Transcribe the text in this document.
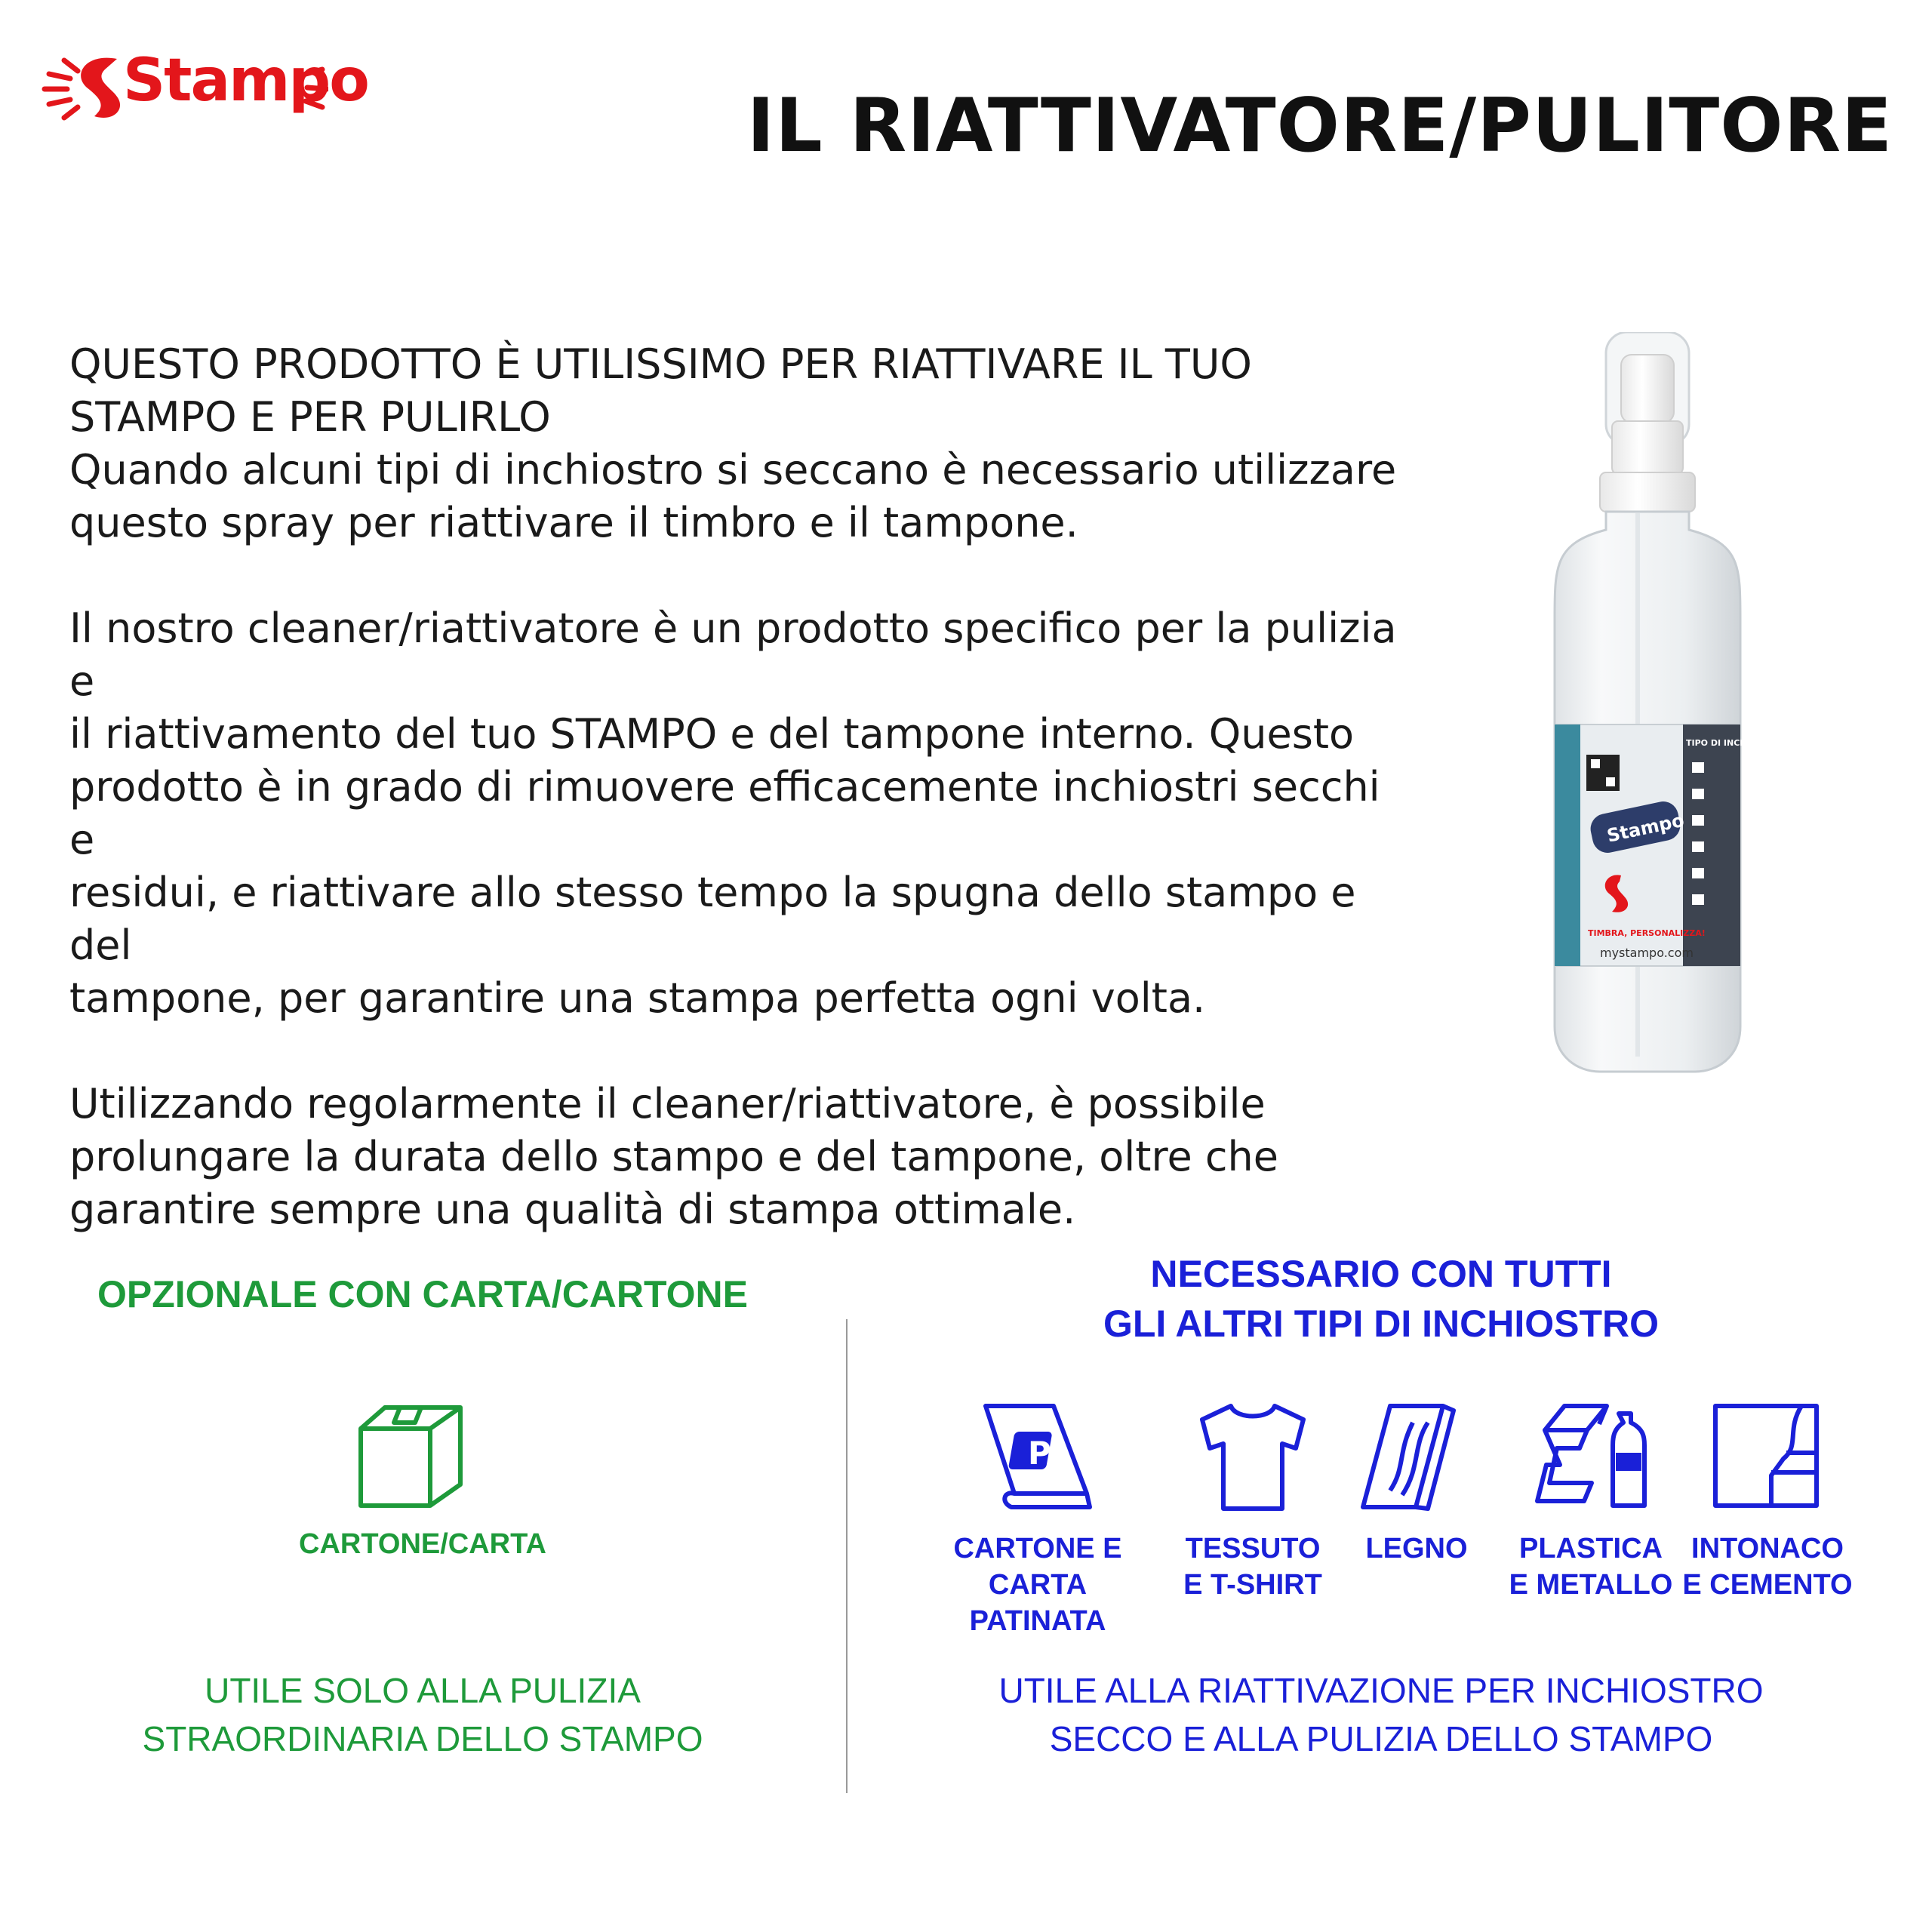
Stampo
IL RIATTIVATORE/PULITORE

QUESTO PRODOTTO È UTILISSIMO PER RIATTIVARE IL TUO

STAMPO E PER PULIRLO

Quando alcuni tipi di inchiostro si seccano è necessario utilizzare

questo spray per riattivare il timbro e il tampone.

Il nostro cleaner/riattivatore è un prodotto specifico per la pulizia e

il riattivamento del tuo STAMPO e del tampone interno. Questo

prodotto è in grado di rimuovere efficacemente inchiostri secchi e

residui, e riattivare allo stesso tempo la spugna dello stampo e del

tampone, per garantire una stampa perfetta ogni volta.

Utilizzando regolarmente il cleaner/riattivatore, è possibile

prolungare la durata dello stampo e del tampone, oltre che

garantire sempre una qualità di stampa ottimale.

TIPO DI INCH
Stampo
TIMBRA, PERSONALIZZA!
mystampo.com
OPZIONALE CON CARTA/CARTONE
CARTONE/CARTA
UTILE SOLO ALLA PULIZIA
STRAORDINARIA DELLO STAMPO
NECESSARIO CON TUTTI
GLI ALTRI TIPI DI INCHIOSTRO
P
CARTONE E
CARTA PATINATA
TESSUTO
E T-SHIRT
LEGNO	PLASTICA
E METALLO
INTONACO
E CEMENTO
UTILE ALLA RIATTIVAZIONE PER INCHIOSTRO
SECCO E ALLA PULIZIA DELLO STAMPO
